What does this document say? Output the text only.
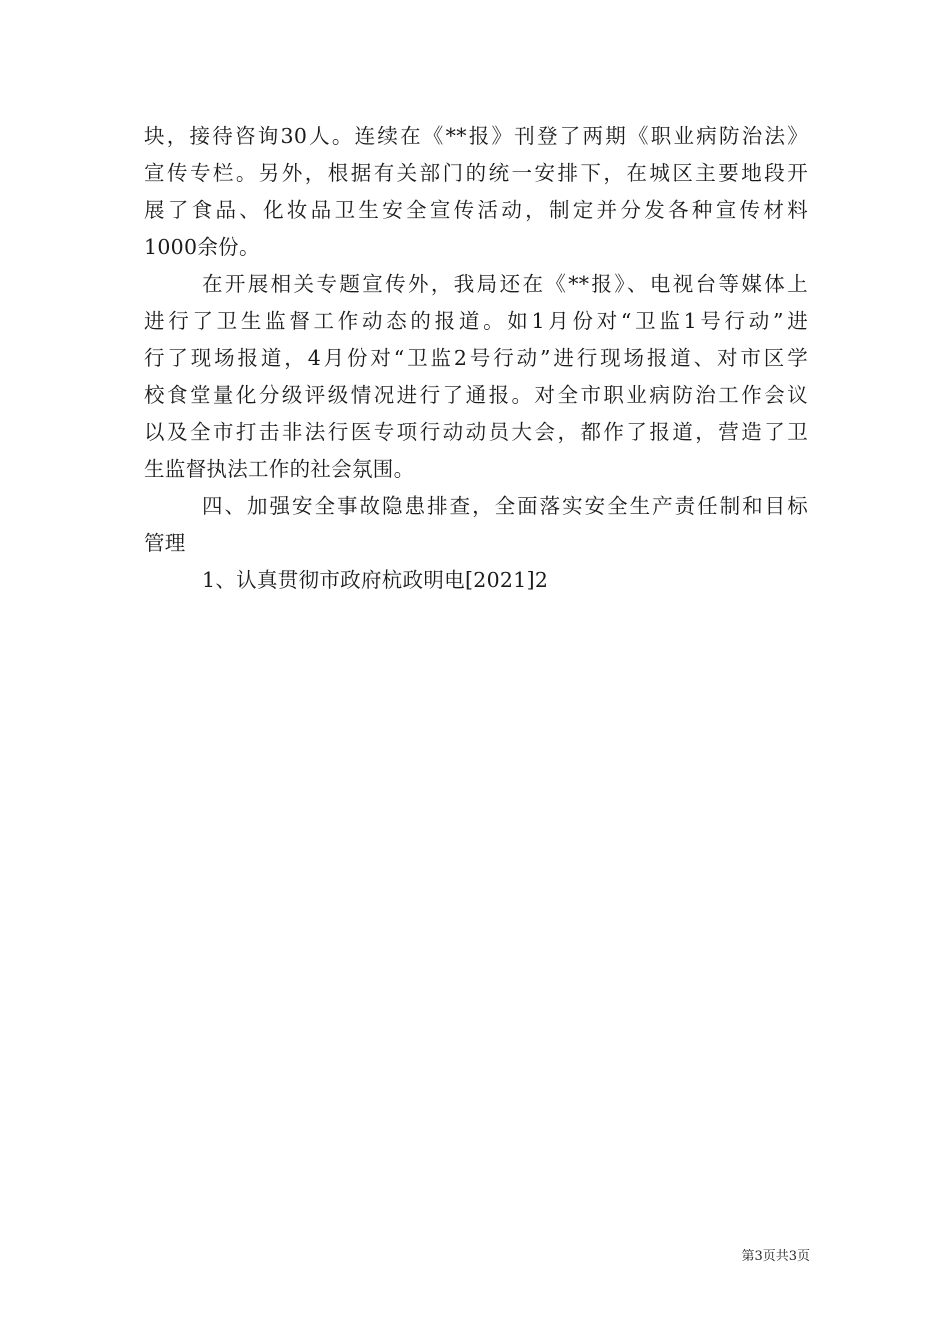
块，接待咨询30人。连续在《**报》刊登了两期《职业病防治法》
宣传专栏。另外，根据有关部门的统一安排下，在城区主要地段开
展了食品、化妆品卫生安全宣传活动，制定并分发各种宣传材料
1000余份。
在开展相关专题宣传外，我局还在《**报》、电视台等媒体上
进行了卫生监督工作动态的报道。如1月份对“卫监1号行动”进
行了现场报道，4月份对“卫监2号行动”进行现场报道、对市区学
校食堂量化分级评级情况进行了通报。对全市职业病防治工作会议
以及全市打击非法行医专项行动动员大会，都作了报道，营造了卫
生监督执法工作的社会氛围。
四、加强安全事故隐患排查，全面落实安全生产责任制和目标
管理
1、认真贯彻市政府杭政明电[2021]2
第3页共3页
